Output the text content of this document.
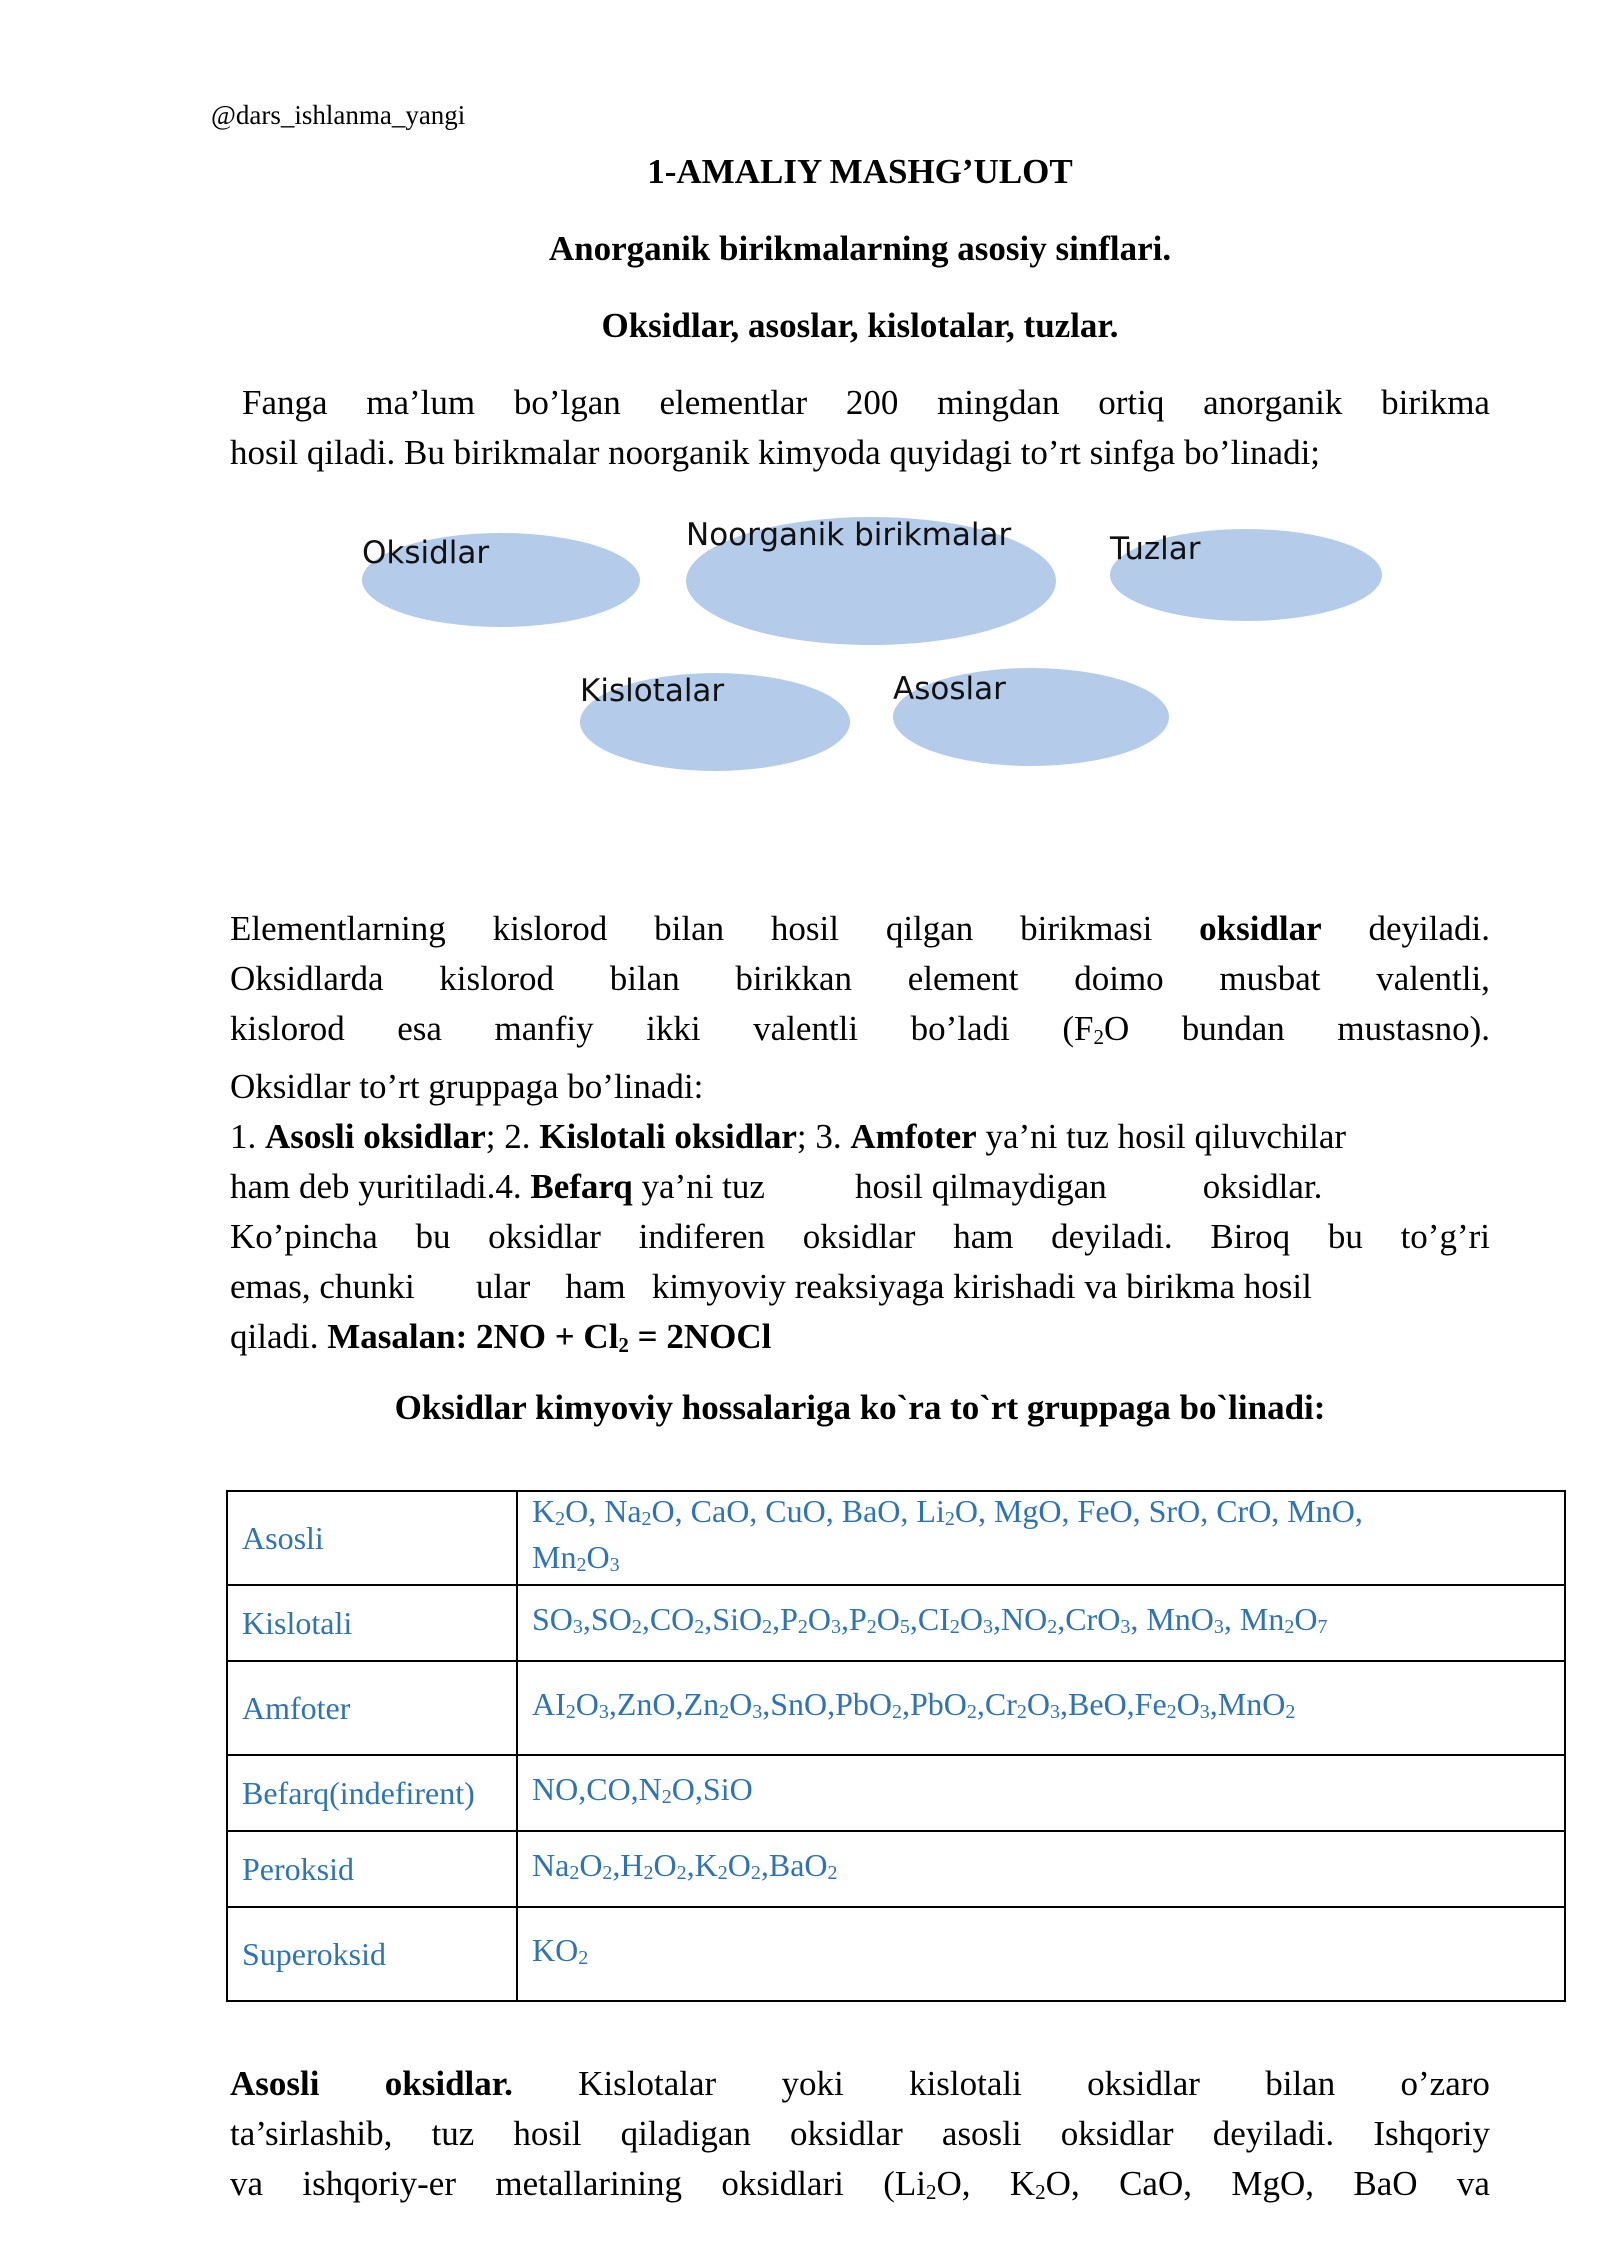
@dars_ishlanma_yangi
1-AMALIY MASHG’ULOT
Anorganik birikmalarning asosiy sinflari.
Oksidlar, asoslar, kislotalar, tuzlar.
Fanga ma’lum bo’lgan elementlar 200 mingdan ortiq anorganik birikma
hosil qiladi. Bu birikmalar noorganik kimyoda quyidagi to’rt sinfga bo’linadi;
Oksidlar	Noorganik birikmalar	Tuzlar
Kislotalar	Asoslar
Elementlarning kislorod bilan hosil qilgan birikmasi oksidlar deyiladi.
Oksidlarda kislorod bilan birikkan element doimo musbat valentli,
kislorod esa manfiy ikki valentli bo’ladi (F2O bundan mustasno).
Oksidlar to’rt gruppaga bo’linadi:
1. Asosli oksidlar; 2. Kislotali oksidlar; 3. Amfoter ya’ni tuz hosil qiluvchilar
ham deb yuritiladi.4. Befarq ya’ni tuz	hosil qilmaydigan	oksidlar.
Ko’pincha bu oksidlar indiferen oksidlar ham deyiladi. Biroq bu to’g’ri
emas, chunki       ular    ham   kimyoviy reaksiyaga kirishadi va birikma hosil
qiladi. Masalan: 2NO + Cl2 = 2NOCl
Oksidlar kimyoviy hossalariga ko`ra to`rt gruppaga bo`linadi:
Asosli	K2O, Na2O, CaO, CuO, BaO, Li2O, MgO, FeO, SrO, CrO, MnO,
Mn2O3
Kislotali	SO3,SO2,CO2,SiO2,P2O3,P2O5,CI2O3,NO2,CrO3, MnO3, Mn2O7
Amfoter	AI2O3,ZnO,Zn2O3,SnO,PbO2,PbO2,Cr2O3,BeO,Fe2O3,MnO2
Befarq(indefirent)	NO,CO,N2O,SiO
Peroksid	Na2O2,H2O2,K2O2,BaO2
Superoksid	KO2
Asosli oksidlar. Kislotalar yoki kislotali oksidlar bilan o’zaro
ta’sirlashib, tuz hosil qiladigan oksidlar asosli oksidlar deyiladi. Ishqoriy
va ishqoriy-er metallarining oksidlari (Li2O, K2O, CaO, MgO, BaO va
